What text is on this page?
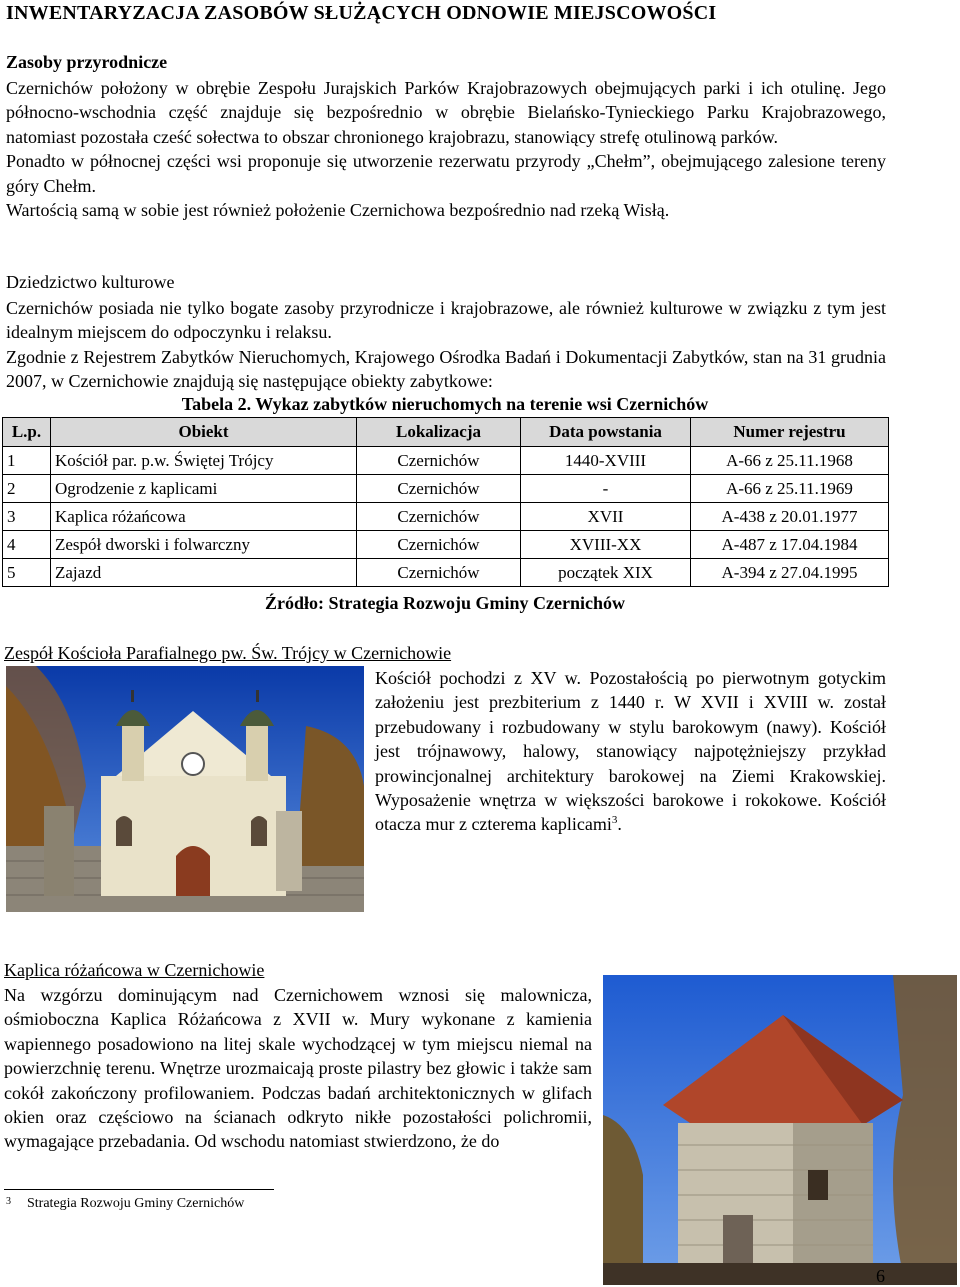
INWENTARYZACJA ZASOBÓW SŁUŻĄCYCH ODNOWIE MIEJSCOWOŚCI
Zasoby przyrodnicze

Czernichów położony w obrębie Zespołu Jurajskich Parków Krajobrazowych obejmujących parki i ich otulinę. Jego północno-wschodnia część znajduje się bezpośrednio w obrębie Bielańsko-Tynieckiego Parku Krajobrazowego, natomiast pozostała cześć sołectwa to obszar chronionego krajobrazu, stanowiący strefę otulinową parków.

Ponadto w północnej części wsi proponuje się utworzenie rezerwatu przyrody „Chełm”, obejmującego zalesione tereny góry Chełm.

Wartością samą w sobie jest również położenie Czernichowa bezpośrednio nad rzeką Wisłą.

Dziedzictwo kulturowe

Czernichów posiada nie tylko bogate zasoby przyrodnicze i krajobrazowe, ale również kulturowe w związku z tym jest idealnym miejscem do odpoczynku i relaksu.

Zgodnie z Rejestrem Zabytków Nieruchomych, Krajowego Ośrodka Badań i Dokumentacji Zabytków, stan na 31 grudnia 2007, w Czernichowie znajdują się następujące obiekty zabytkowe:

Tabela 2. Wykaz zabytków nieruchomych na terenie wsi Czernichów
L.p.	Obiekt	Lokalizacja	Data powstania	Numer rejestru
1	Kościół par. p.w. Świętej Trójcy	Czernichów	1440-XVIII	A-66 z 25.11.1968
2	Ogrodzenie z kaplicami	Czernichów	-	A-66 z 25.11.1969
3	Kaplica różańcowa	Czernichów	XVII	A-438 z 20.01.1977
4	Zespół dworski i folwarczny	Czernichów	XVIII-XX	A-487 z 17.04.1984
5	Zajazd	Czernichów	początek XIX	A-394 z 27.04.1995
Źródło: Strategia Rozwoju Gminy Czernichów
Zespół Kościoła Parafialnego pw. Św. Trójcy w Czernichowie
Kościół pochodzi z XV w. Pozostałością po pierwotnym gotyckim założeniu jest prezbiterium z 1440 r. W XVII i XVIII w. został przebudowany i rozbudowany w stylu barokowym (nawy). Kościół jest trójnawowy, halowy, stanowiący najpotężniejszy przykład prowincjonalnej architektury barokowej na Ziemi Krakowskiej. Wyposażenie wnętrza w większości barokowe i rokokowe. Kościół otacza mur z czterema kaplicami$^3$.
Kaplica różańcowa w Czernichowie
Na wzgórzu dominującym nad Czernichowem wznosi się malownicza, ośmioboczna Kaplica Różańcowa z XVII w. Mury wykonane z kamienia wapiennego posadowiono na litej skale wychodzącej w tym miejscu niemal na powierzchnię terenu. Wnętrze urozmaicają proste pilastry bez głowic i także sam cokół zakończony profilowaniem. Podczas badań architektonicznych w glifach okien oraz częściowo na ścianach odkryto nikłe pozostałości polichromii, wymagające przebadania. Od wschodu natomiast stwierdzono, że do
$^3$ Strategia Rozwoju Gminy Czernichów
6
